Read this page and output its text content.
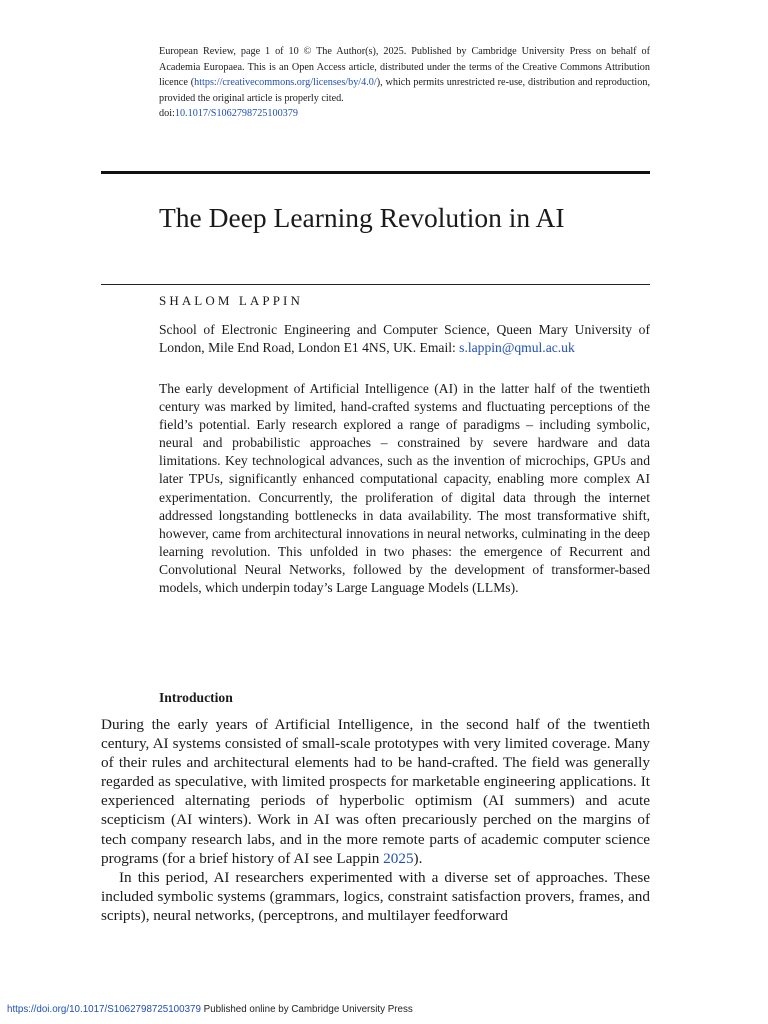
European Review, page 1 of 10 © The Author(s), 2025. Published by Cambridge University Press on behalf of Academia Europaea. This is an Open Access article, distributed under the terms of the Creative Commons Attribution licence (https://creativecommons.org/licenses/by/4.0/), which permits unrestricted re-use, distribution and reproduction, provided the original article is properly cited.

doi:10.1017/S1062798725100379

The Deep Learning Revolution in AI
SHALOM LAPPIN
School of Electronic Engineering and Computer Science, Queen Mary University of London, Mile End Road, London E1 4NS, UK. Email: s.lappin@qmul.ac.uk

The early development of Artificial Intelligence (AI) in the latter half of the twentieth century was marked by limited, hand-crafted systems and fluctuating perceptions of the field’s potential. Early research explored a range of paradigms – including symbolic, neural and probabilistic approaches – constrained by severe hardware and data limitations. Key technological advances, such as the invention of microchips, GPUs and later TPUs, significantly enhanced computational capacity, enabling more complex AI experimentation. Concurrently, the proliferation of digital data through the internet addressed longstanding bottlenecks in data availability. The most transformative shift, however, came from architectural innovations in neural networks, culminating in the deep learning revolution. This unfolded in two phases: the emergence of Recurrent and Convolutional Neural Networks, followed by the development of transformer-based models, which underpin today’s Large Language Models (LLMs).

Introduction

During the early years of Artificial Intelligence, in the second half of the twentieth century, AI systems consisted of small-scale prototypes with very limited coverage. Many of their rules and architectural elements had to be hand-crafted. The field was generally regarded as speculative, with limited prospects for marketable engineering applications. It experienced alternating periods of hyperbolic optimism (AI summers) and acute scepticism (AI winters). Work in AI was often precariously perched on the margins of tech company research labs, and in the more remote parts of academic computer science programs (for a brief history of AI see Lappin 2025).

In this period, AI researchers experimented with a diverse set of approaches. These included symbolic systems (grammars, logics, constraint satisfaction provers, frames, and scripts), neural networks, (perceptrons, and multilayer feedforward

https://doi.org/10.1017/S1062798725100379 Published online by Cambridge University Press
